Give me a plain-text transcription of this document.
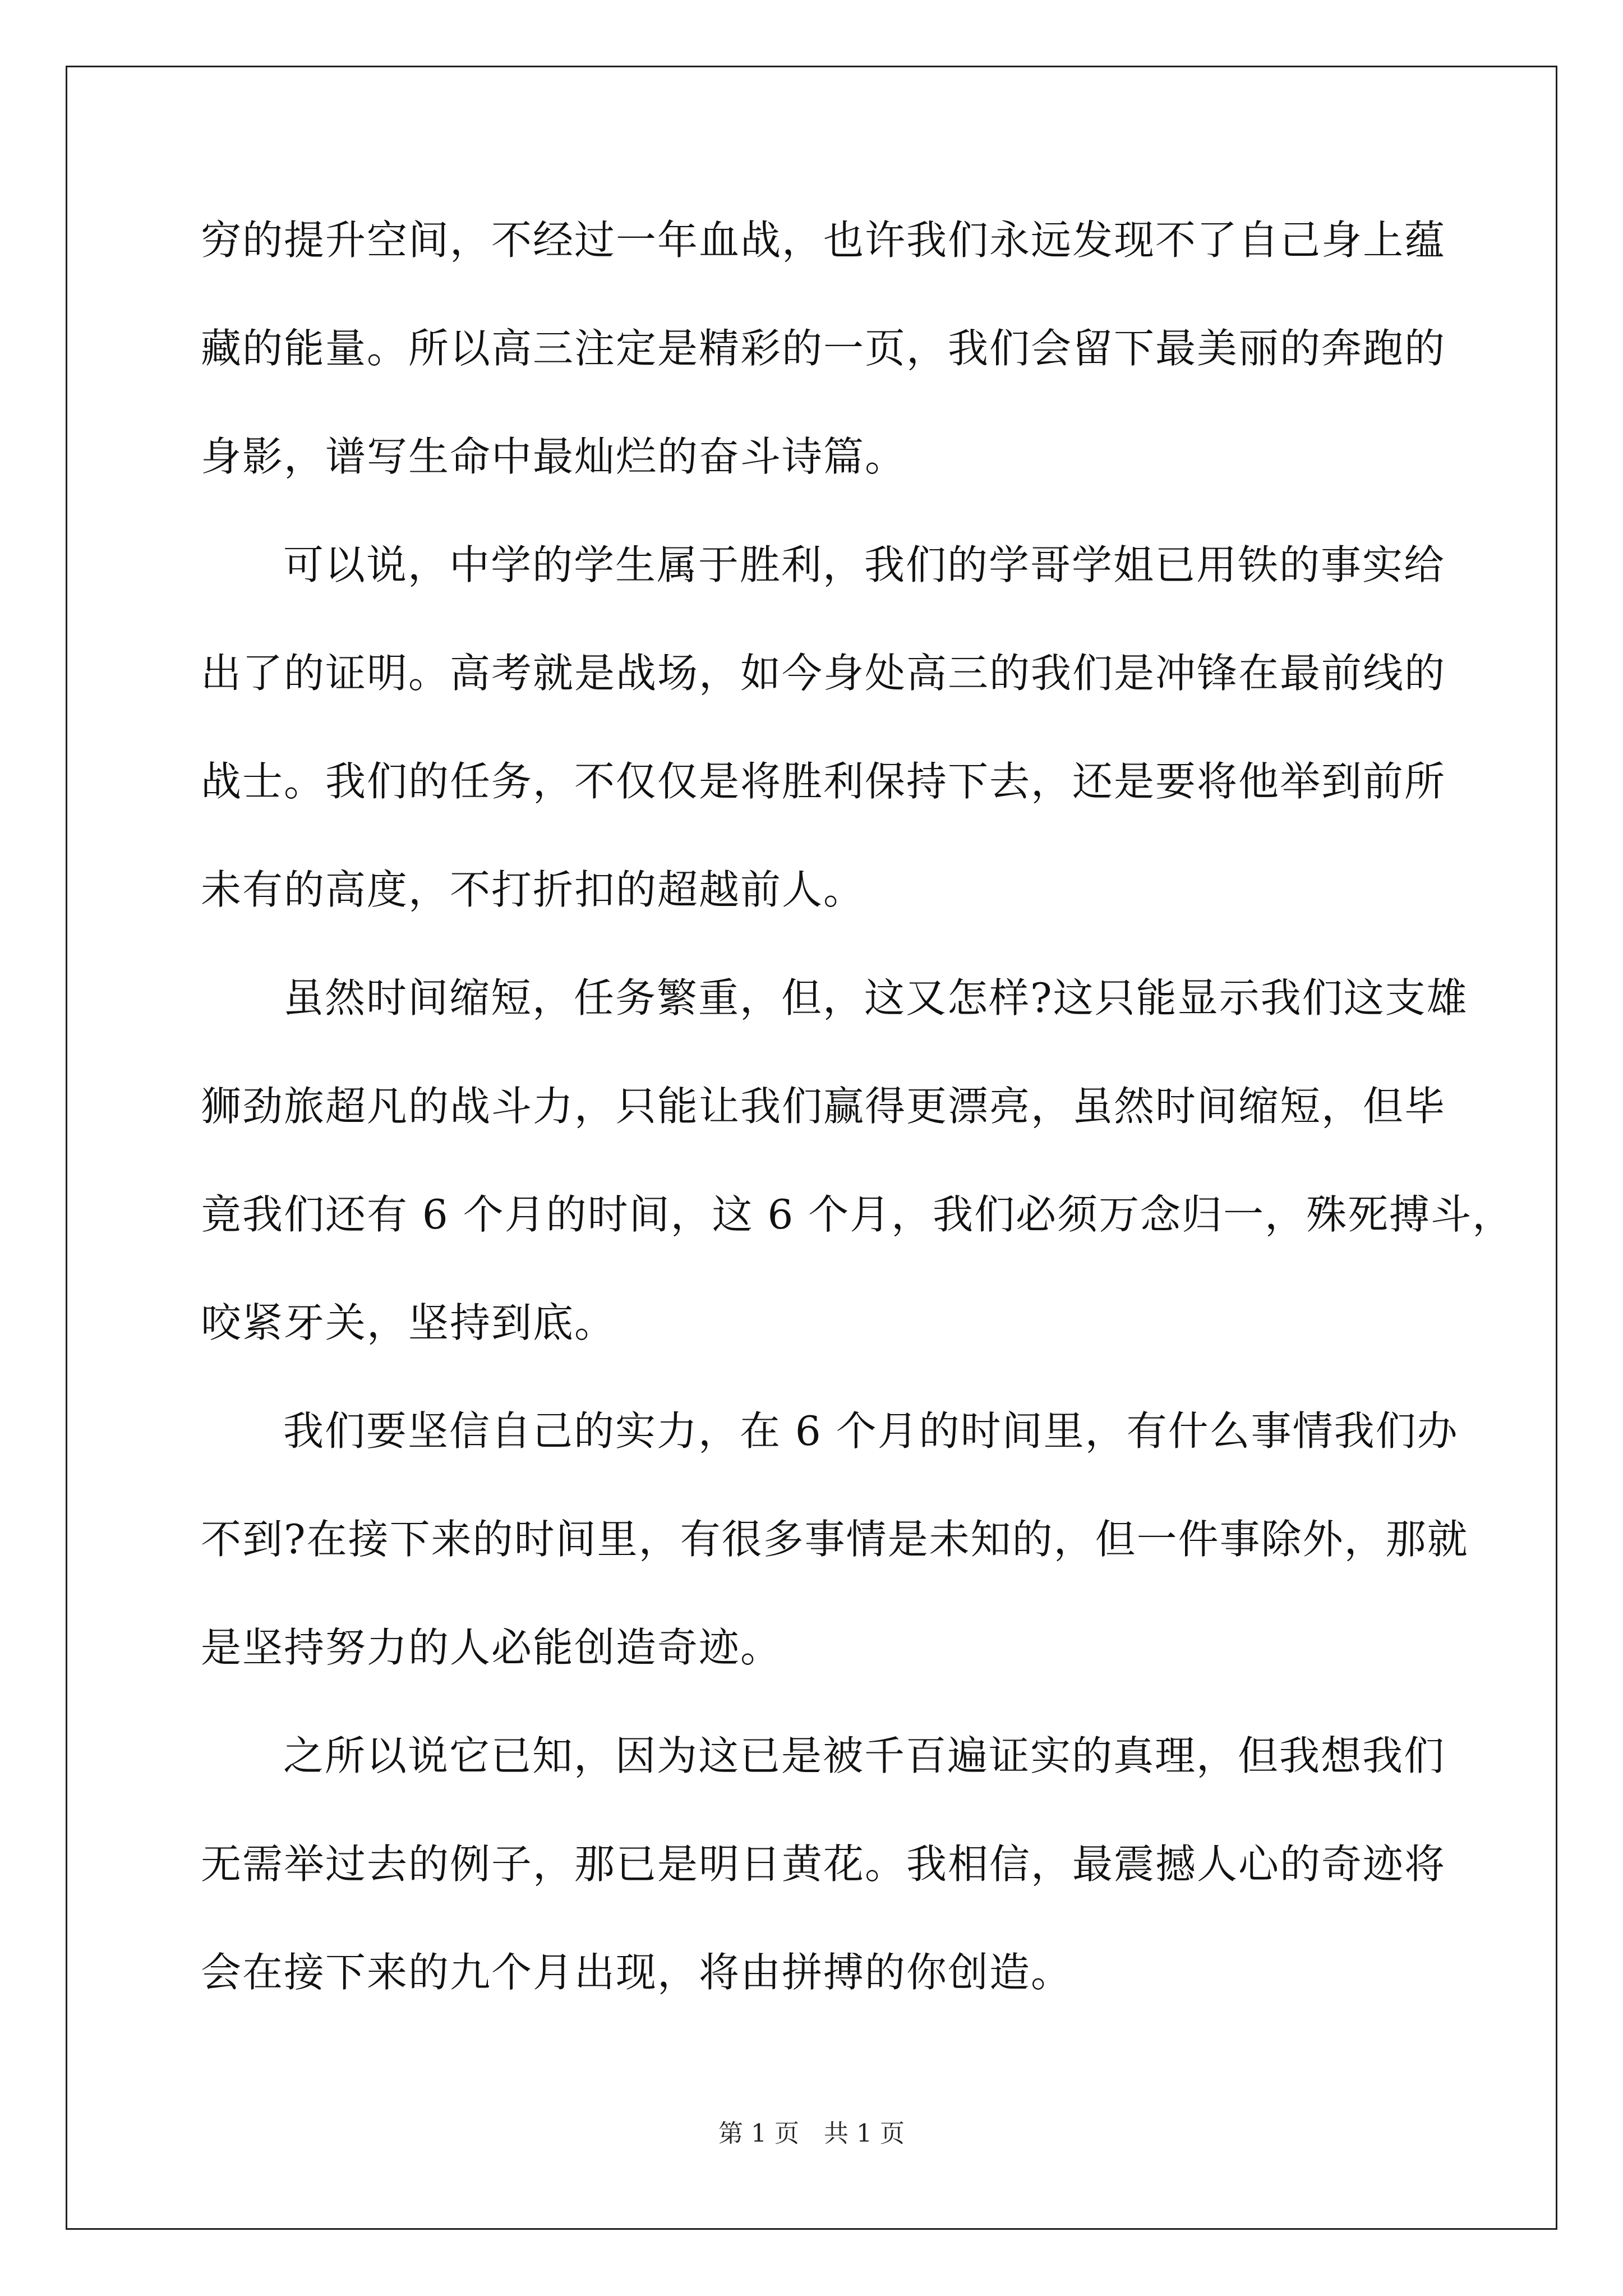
穷的提升空间，不经过一年血战，也许我们永远发现不了自己身上蕴
藏的能量。所以高三注定是精彩的一页，我们会留下最美丽的奔跑的
身影，谱写生命中最灿烂的奋斗诗篇。
可以说，中学的学生属于胜利，我们的学哥学姐已用铁的事实给
出了的证明。高考就是战场，如今身处高三的我们是冲锋在最前线的
战士。我们的任务，不仅仅是将胜利保持下去，还是要将他举到前所
未有的高度，不打折扣的超越前人。
虽然时间缩短，任务繁重，但，这又怎样?这只能显示我们这支雄
狮劲旅超凡的战斗力，只能让我们赢得更漂亮，虽然时间缩短，但毕
竟我们还有 6 个月的时间，这 6 个月，我们必须万念归一，殊死搏斗，
咬紧牙关，坚持到底。
我们要坚信自己的实力，在 6 个月的时间里，有什么事情我们办
不到?在接下来的时间里，有很多事情是未知的，但一件事除外，那就
是坚持努力的人必能创造奇迹。
之所以说它已知，因为这已是被千百遍证实的真理，但我想我们
无需举过去的例子，那已是明日黄花。我相信，最震撼人心的奇迹将
会在接下来的九个月出现，将由拼搏的你创造。
第 1 页　共 1 页
